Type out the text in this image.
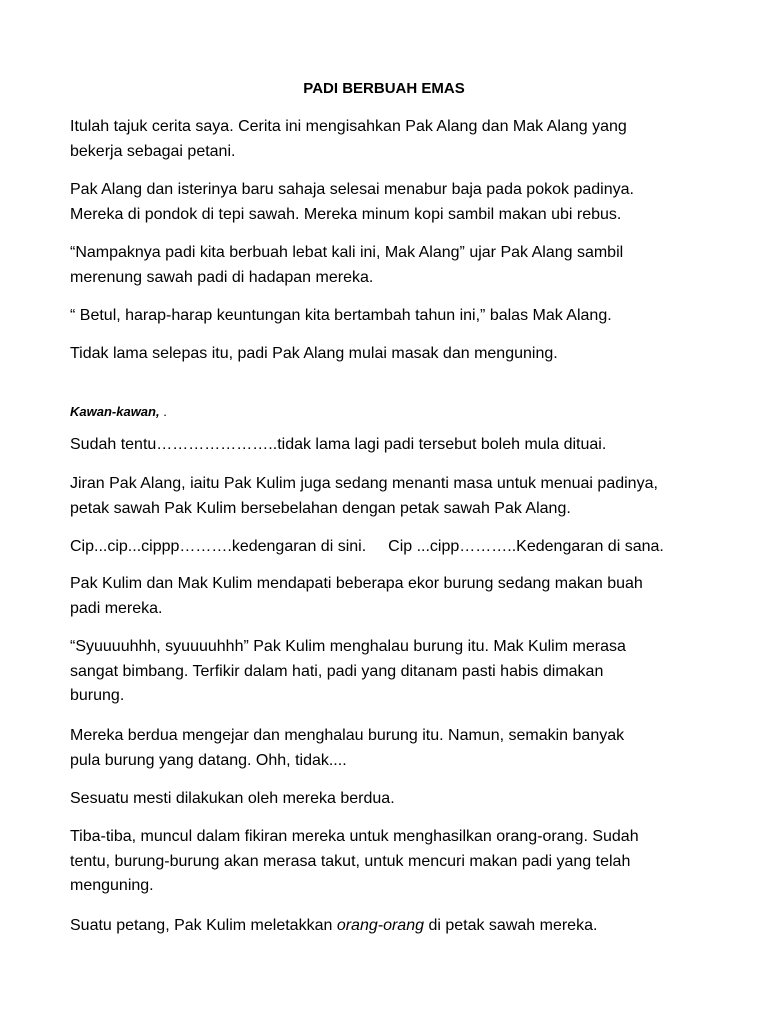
PADI BERBUAH EMAS
Itulah tajuk cerita saya. Cerita ini mengisahkan Pak Alang dan Mak Alang yang
bekerja sebagai petani.
Pak Alang dan isterinya baru sahaja selesai menabur baja pada pokok padinya.
Mereka di pondok di tepi sawah. Mereka minum kopi sambil makan ubi rebus.
“Nampaknya padi kita berbuah lebat kali ini, Mak Alang” ujar Pak Alang sambil
merenung sawah padi di hadapan mereka.
“ Betul, harap-harap keuntungan kita bertambah tahun ini,” balas Mak Alang.
Tidak lama selepas itu, padi Pak Alang mulai masak dan menguning.
Kawan-kawan, .
Sudah tentu…………………..tidak lama lagi padi tersebut boleh mula dituai.
Jiran Pak Alang, iaitu Pak Kulim juga sedang menanti masa untuk menuai padinya,
petak sawah Pak Kulim bersebelahan dengan petak sawah Pak Alang.
Cip...cip...cippp……….kedengaran di sini. Cip ...cipp………..Kedengaran di sana.
Pak Kulim dan Mak Kulim mendapati beberapa ekor burung sedang makan buah
padi mereka.
“Syuuuuhhh, syuuuuhhh” Pak Kulim menghalau burung itu. Mak Kulim merasa
sangat bimbang. Terfikir dalam hati, padi yang ditanam pasti habis dimakan
burung.
Mereka berdua mengejar dan menghalau burung itu. Namun, semakin banyak
pula burung yang datang. Ohh, tidak....
Sesuatu mesti dilakukan oleh mereka berdua.
Tiba-tiba, muncul dalam fikiran mereka untuk menghasilkan orang-orang. Sudah
tentu, burung-burung akan merasa takut, untuk mencuri makan padi yang telah
menguning.
Suatu petang, Pak Kulim meletakkan orang-orang di petak sawah mereka.
